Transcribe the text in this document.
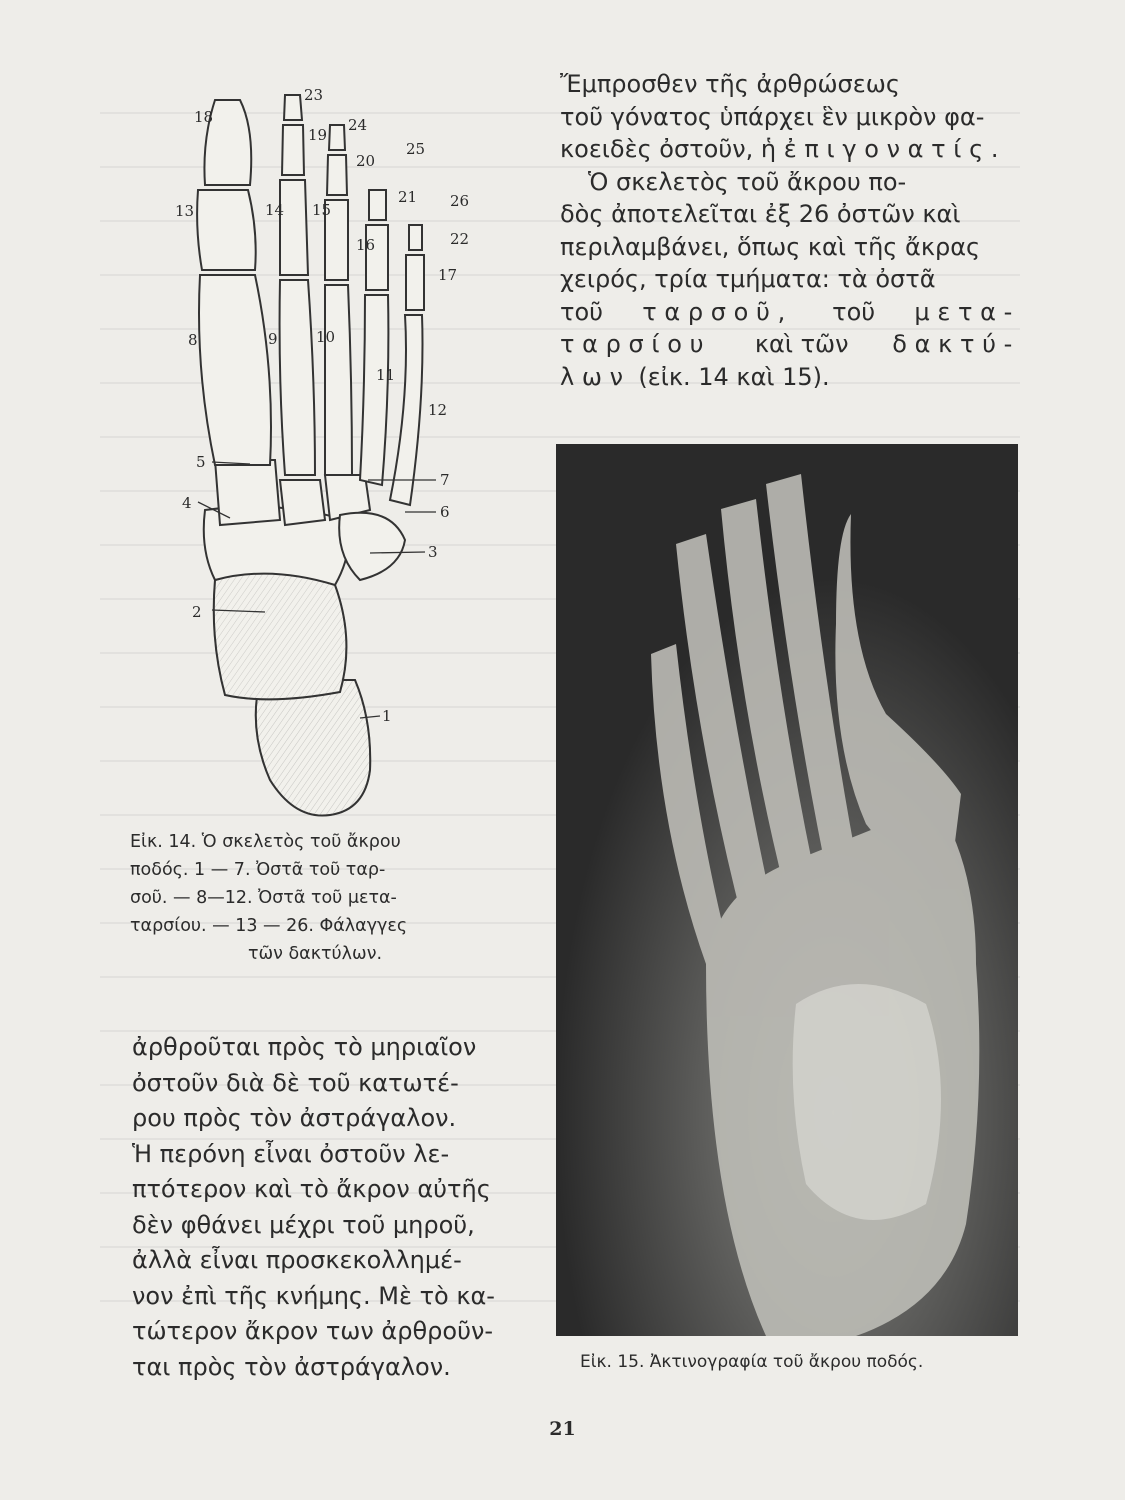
Ἔμπροσθεν τῆς ἀρθρώσεως

τοῦ γόνατος ὑπάρχει ἓν μικρὸν φα-

κοειδὲς ὀστοῦν, ἡ ἐπιγονατίς.

Ὁ σκελετὸς τοῦ ἄκρου πο-

δὸς ἀποτελεῖται ἐξ 26 ὀστῶν καὶ

περιλαμβάνει, ὅπως καὶ τῆς ἄκρας

χειρός, τρία τμήματα: τὰ ὀστᾶ

τοῦ ταρσοῦ, τοῦ μετα-

ταρσίου καὶ τῶν δακτύ-

λων (εἰκ. 14 καὶ 15).

1
2
3
4
5
6
7
8	9	10
11
12
13	14 15
16
17
18
19
20
21
22
23
24
25
26
Εἰκ. 14. Ὁ σκελετὸς τοῦ ἄκρου
ποδός. 1 — 7. Ὀστᾶ τοῦ ταρ-
σοῦ. — 8—12. Ὀστᾶ τοῦ μετα-
ταρσίου. — 13 — 26. Φάλαγγες
τῶν δακτύλων.

ἀρθροῦται πρὸς τὸ μηριαῖον

ὀστοῦν διὰ δὲ τοῦ κατωτέ-

ρου πρὸς τὸν ἀστράγαλον.

Ἡ περόνη εἶναι ὀστοῦν λε-

πτότερον καὶ τὸ ἄκρον αὐτῆς

δὲν φθάνει μέχρι τοῦ μηροῦ,

ἀλλὰ εἶναι προσκεκολλημέ-

νον ἐπὶ τῆς κνήμης. Μὲ τὸ κα-

τώτερον ἄκρον των ἀρθροῦν-

ται πρὸς τὸν ἀστράγαλον.	Εἰκ. 15. Ἀκτινογραφία τοῦ ἄκρου ποδός.
21
